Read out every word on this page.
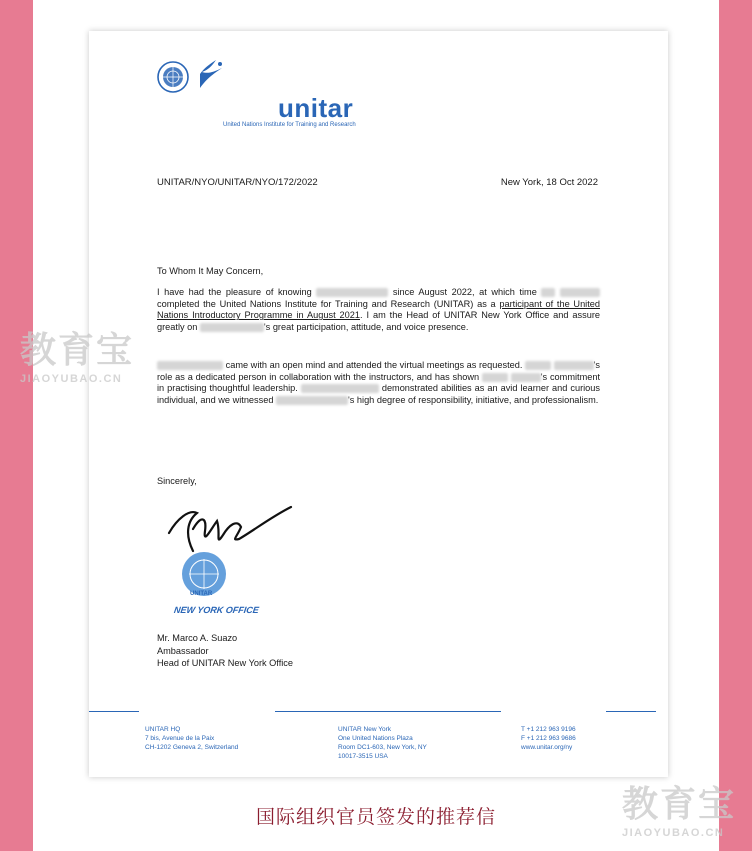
unitar
United Nations Institute for Training and Research
UNITAR/NYO/UNITAR/NYO/172/2022	New York, 18 Oct 2022
To Whom It May Concern,
I have had the pleasure of knowing	since August 2022, at which time   completed the United Nations Institute for Training and Research (UNITAR) as a participant of the United Nations Introductory Programme in August 2021. I am the Head of UNITAR New York Office and assure greatly on	's great participation, attitude, and voice presence.
came with an open mind and attended the virtual meetings as requested.	's role as a dedicated person in collaboration with the instructors, and has shown	's commitment in practising thoughtful leadership.	demonstrated abilities as an avid learner and curious individual, and we witnessed	's high degree of responsibility, initiative, and professionalism.
Sincerely,
UNITAR
NEW YORK OFFICE
Mr. Marco A. Suazo
Ambassador
Head of UNITAR New York Office
UNITAR HQ
7 bis, Avenue de la Paix
CH-1202 Geneva 2, Switzerland
UNITAR New York
One United Nations Plaza
Room DC1-603, New York, NY
10017-3515 USA
T +1 212 963 9196
F +1 212 963 9686
www.unitar.org/ny
教育宝
JIAOYUBAO.CN
教育宝
JIAOYUBAO.CN
国际组织官员签发的推荐信
